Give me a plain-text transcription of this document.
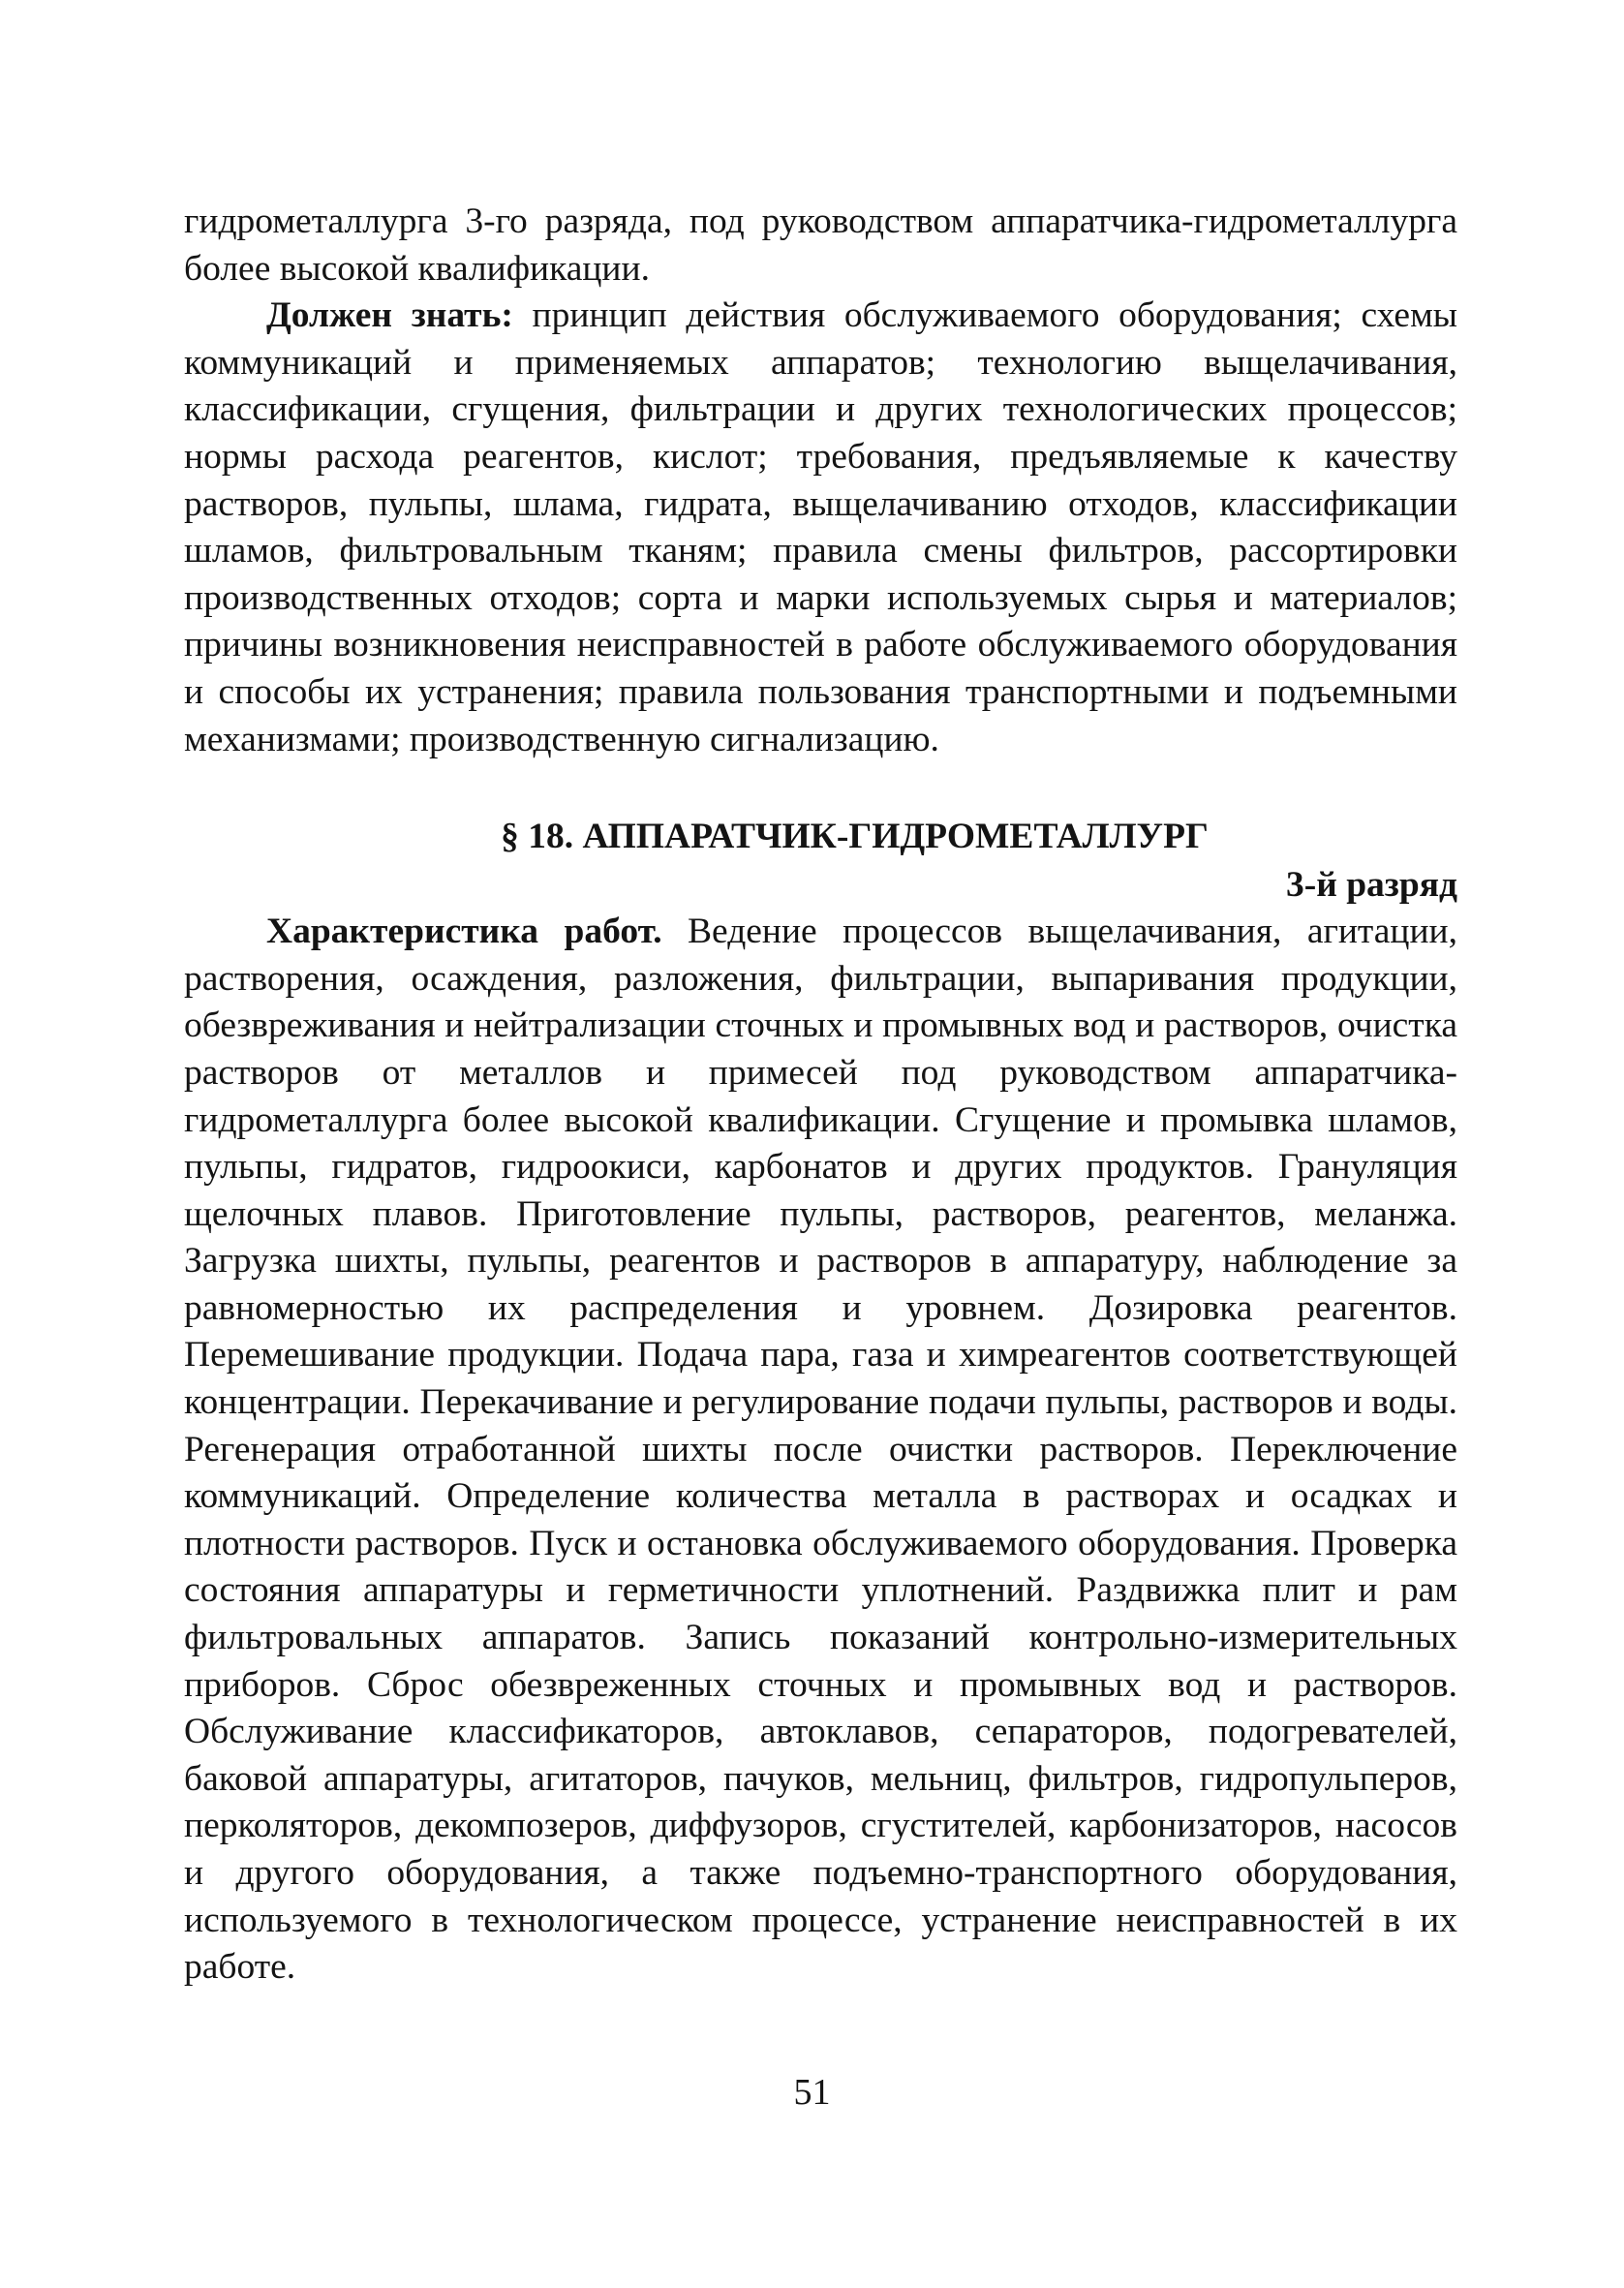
гидрометаллурга 3-го разряда, под руководством аппаратчика-гидрометаллурга более высокой квалификации.

Должен знать: принцип действия обслуживаемого оборудования; схемы коммуникаций и применяемых аппаратов; технологию выщелачивания, классификации, сгущения, фильтрации и других технологических процессов; нормы расхода реагентов, кислот; требования, предъявляемые к качеству растворов, пульпы, шлама, гидрата, выщелачиванию отходов, классификации шламов, фильтровальным тканям; правила смены фильтров, рассортировки производственных отходов; сорта и марки используемых сырья и материалов; причины возникновения неисправностей в работе обслуживаемого оборудования и способы их устранения; правила пользования транспортными и подъемными механизмами; производственную сигнализацию.

§ 18. АППАРАТЧИК-ГИДРОМЕТАЛЛУРГ
3-й разряд

Характеристика работ. Ведение процессов выщелачивания, агитации, растворения, осаждения, разложения, фильтрации, выпаривания продукции, обезвреживания и нейтрализации сточных и промывных вод и растворов, очистка растворов от металлов и примесей под руководством аппаратчика-гидрометаллурга более высокой квалификации. Сгущение и промывка шламов, пульпы, гидратов, гидроокиси, карбонатов и других продуктов. Грануляция щелочных плавов. Приготовление пульпы, растворов, реагентов, меланжа. Загрузка шихты, пульпы, реагентов и растворов в аппаратуру, наблюдение за равномерностью их распределения и уровнем. Дозировка реагентов. Перемешивание продукции. Подача пара, газа и химреагентов соответствующей концентрации. Перекачивание и регулирование подачи пульпы, растворов и воды. Регенерация отработанной шихты после очистки растворов. Переключение коммуникаций. Определение количества металла в растворах и осадках и плотности растворов. Пуск и остановка обслуживаемого оборудования. Проверка состояния аппаратуры и герметичности уплотнений. Раздвижка плит и рам фильтровальных аппаратов. Запись показаний контрольно-измерительных приборов. Сброс обезвреженных сточных и промывных вод и растворов. Обслуживание классификаторов, автоклавов, сепараторов, подогревателей, баковой аппаратуры, агитаторов, пачуков, мельниц, фильтров, гидропульперов, перколяторов, декомпозеров, диффузоров, сгустителей, карбонизаторов, насосов и другого оборудования, а также подъемно-транспортного оборудования, используемого в технологическом процессе, устранение неисправностей в их работе.

51
